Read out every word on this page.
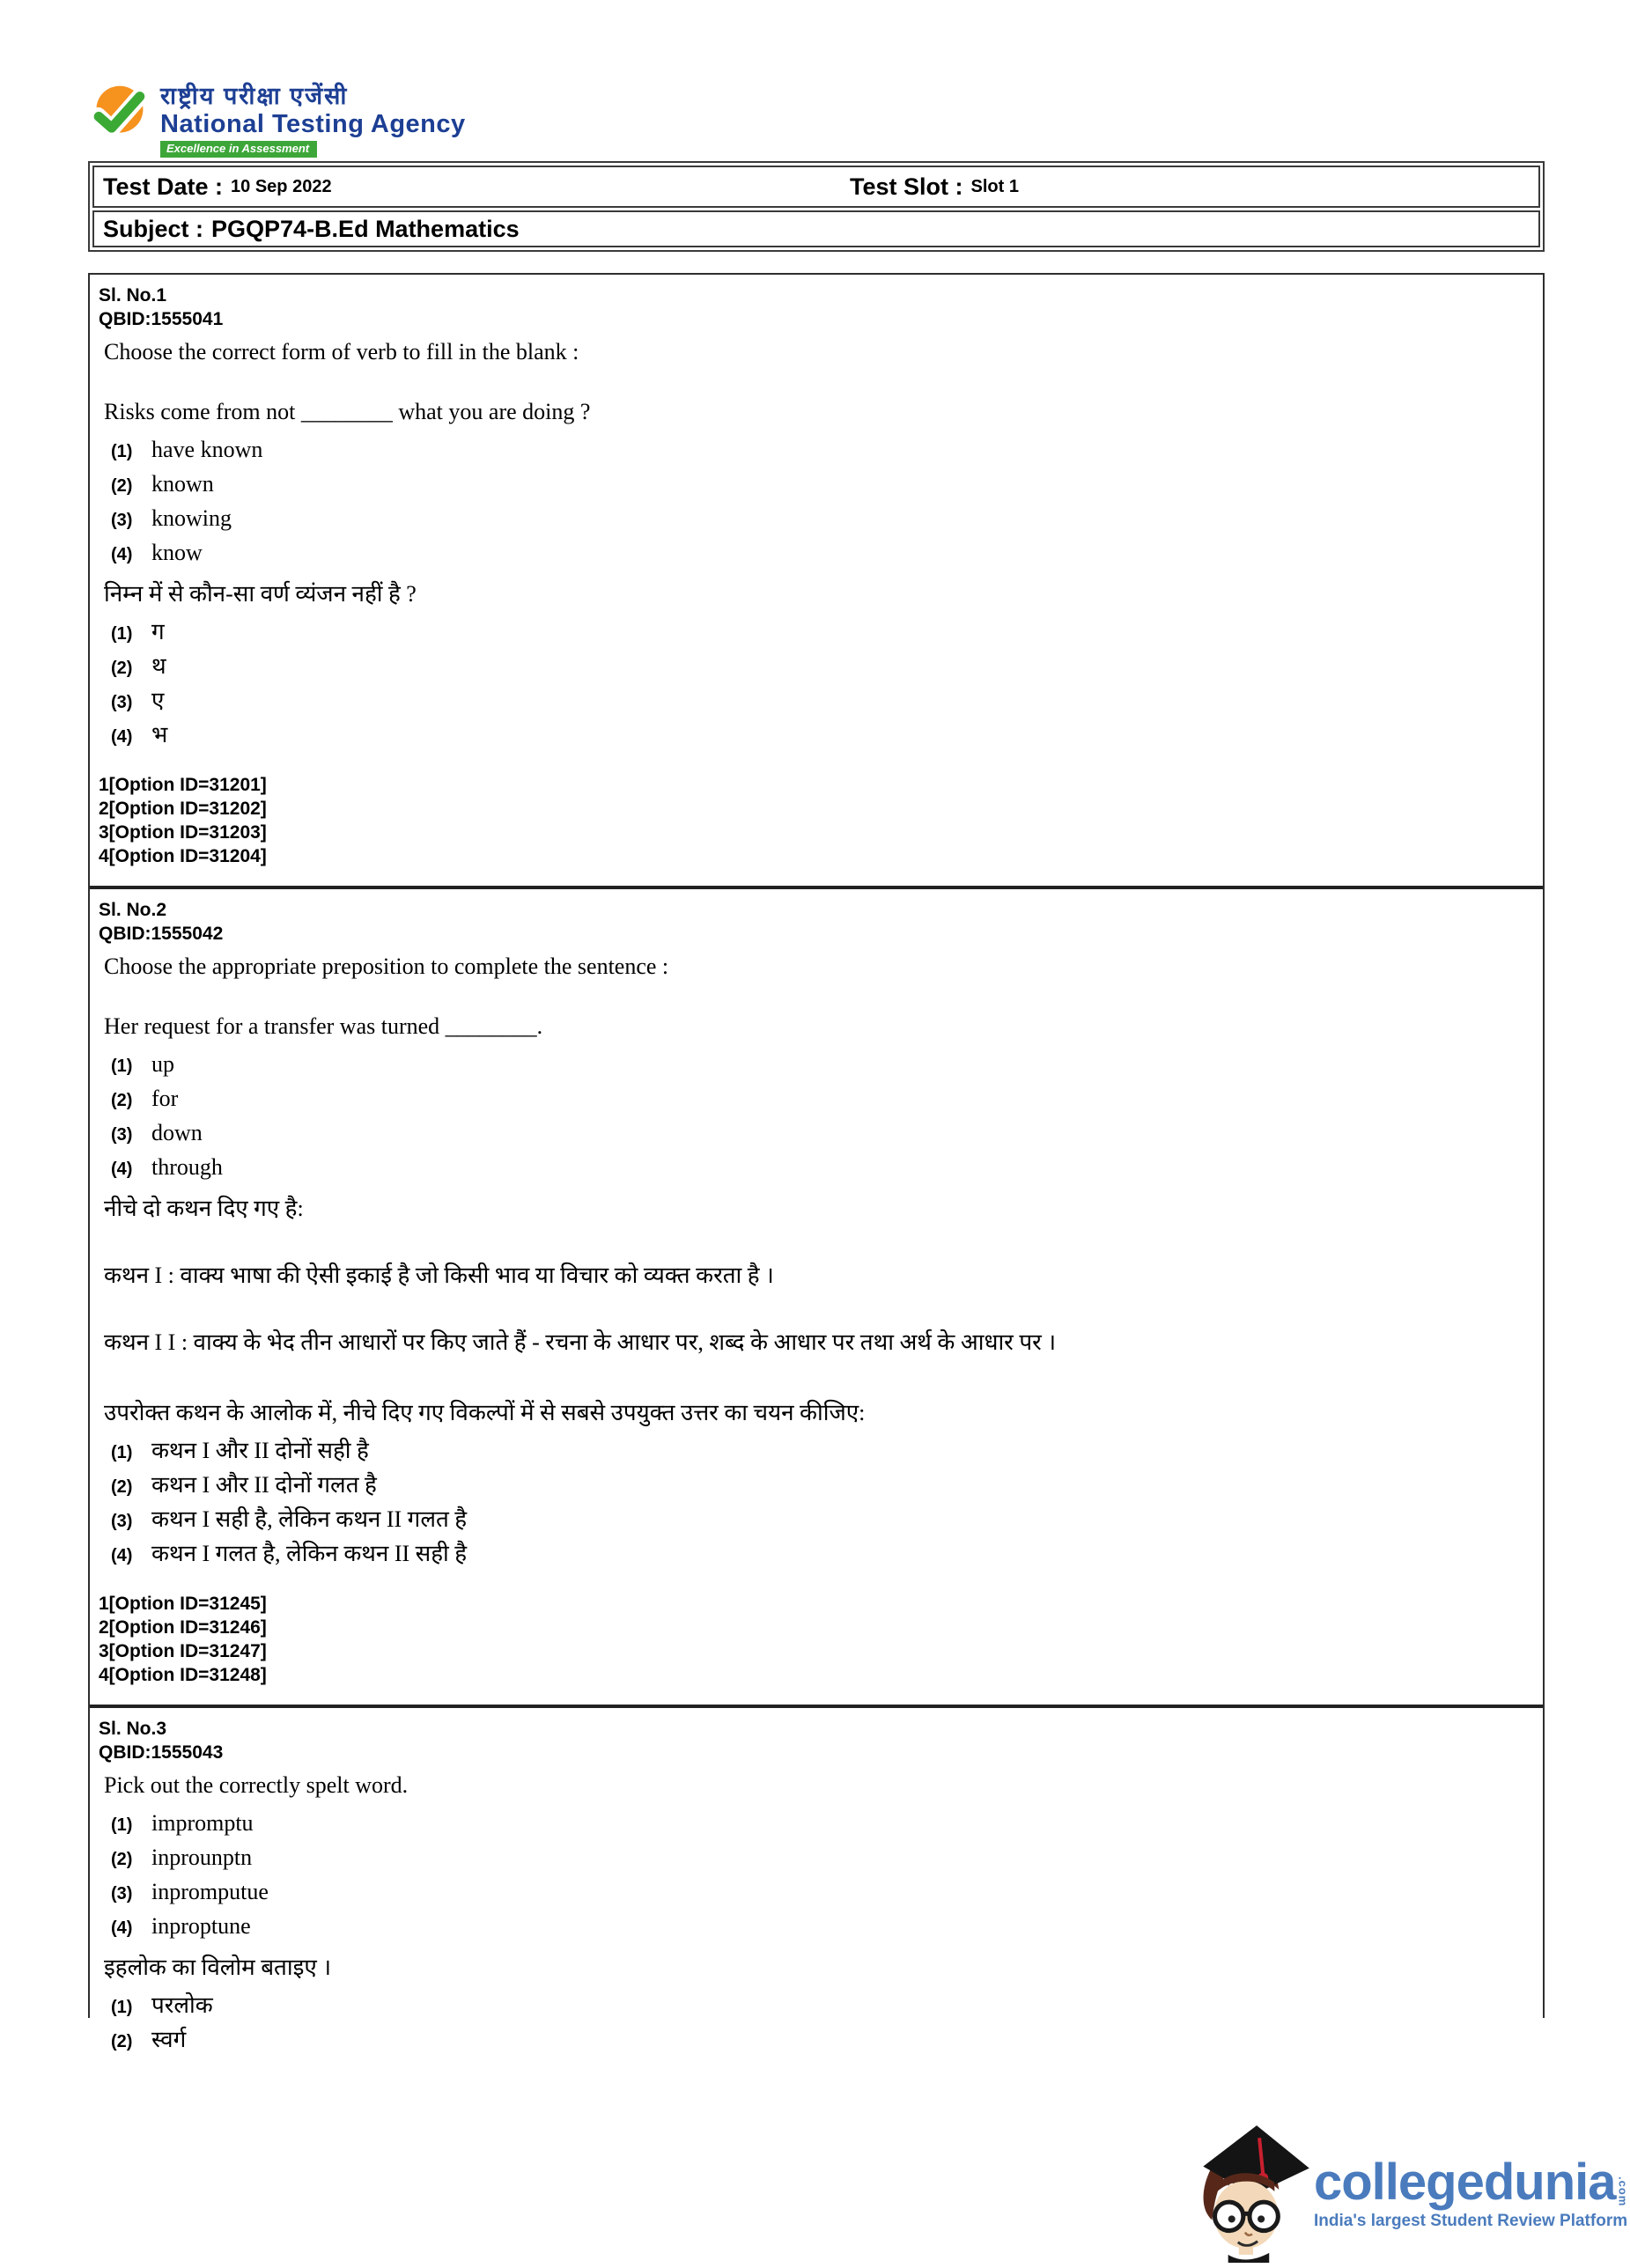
राष्ट्रीय परीक्षा एजेंसी
National Testing Agency
Excellence in Assessment
Test Date : 10 Sep 2022	Test Slot : Slot 1
Subject : PGQP74-B.Ed Mathematics
Sl. No.1
QBID:1555041
Choose the correct form of verb to fill in the blank :
Risks come from not ________ what you are doing ?
(1) have known
(2) known
(3) knowing
(4) know
निम्न में से कौन-सा वर्ण व्यंजन नहीं है ?
(1) ग
(2) थ
(3) ए
(4) भ
1[Option ID=31201]
2[Option ID=31202]
3[Option ID=31203]
4[Option ID=31204]
Sl. No.2
QBID:1555042
Choose the appropriate preposition to complete the sentence :
Her request for a transfer was turned ________.
(1) up
(2) for
(3) down
(4) through
नीचे दो कथन दिए गए है:
कथन I : वाक्य भाषा की ऐसी इकाई है जो किसी भाव या विचार को व्यक्त करता है ।
कथन I I : वाक्य के भेद तीन आधारों पर किए जाते हैं - रचना के आधार पर, शब्द के आधार पर तथा अर्थ के आधार पर ।
उपरोक्त कथन के आलोक में, नीचे दिए गए विकल्पों में से सबसे उपयुक्त उत्तर का चयन कीजिए:
(1) कथन I और II दोनों सही है
(2) कथन I और II दोनों गलत है
(3) कथन I सही है, लेकिन कथन II गलत है
(4) कथन I गलत है, लेकिन कथन II सही है
1[Option ID=31245]
2[Option ID=31246]
3[Option ID=31247]
4[Option ID=31248]
Sl. No.3
QBID:1555043
Pick out the correctly spelt word.
(1) impromptu
(2) inprounptn
(3) inpromputue
(4) inproptune
इहलोक का विलोम बताइए ।
(1) परलोक
(2) स्वर्ग
collegedunia .com
India's largest Student Review Platform
